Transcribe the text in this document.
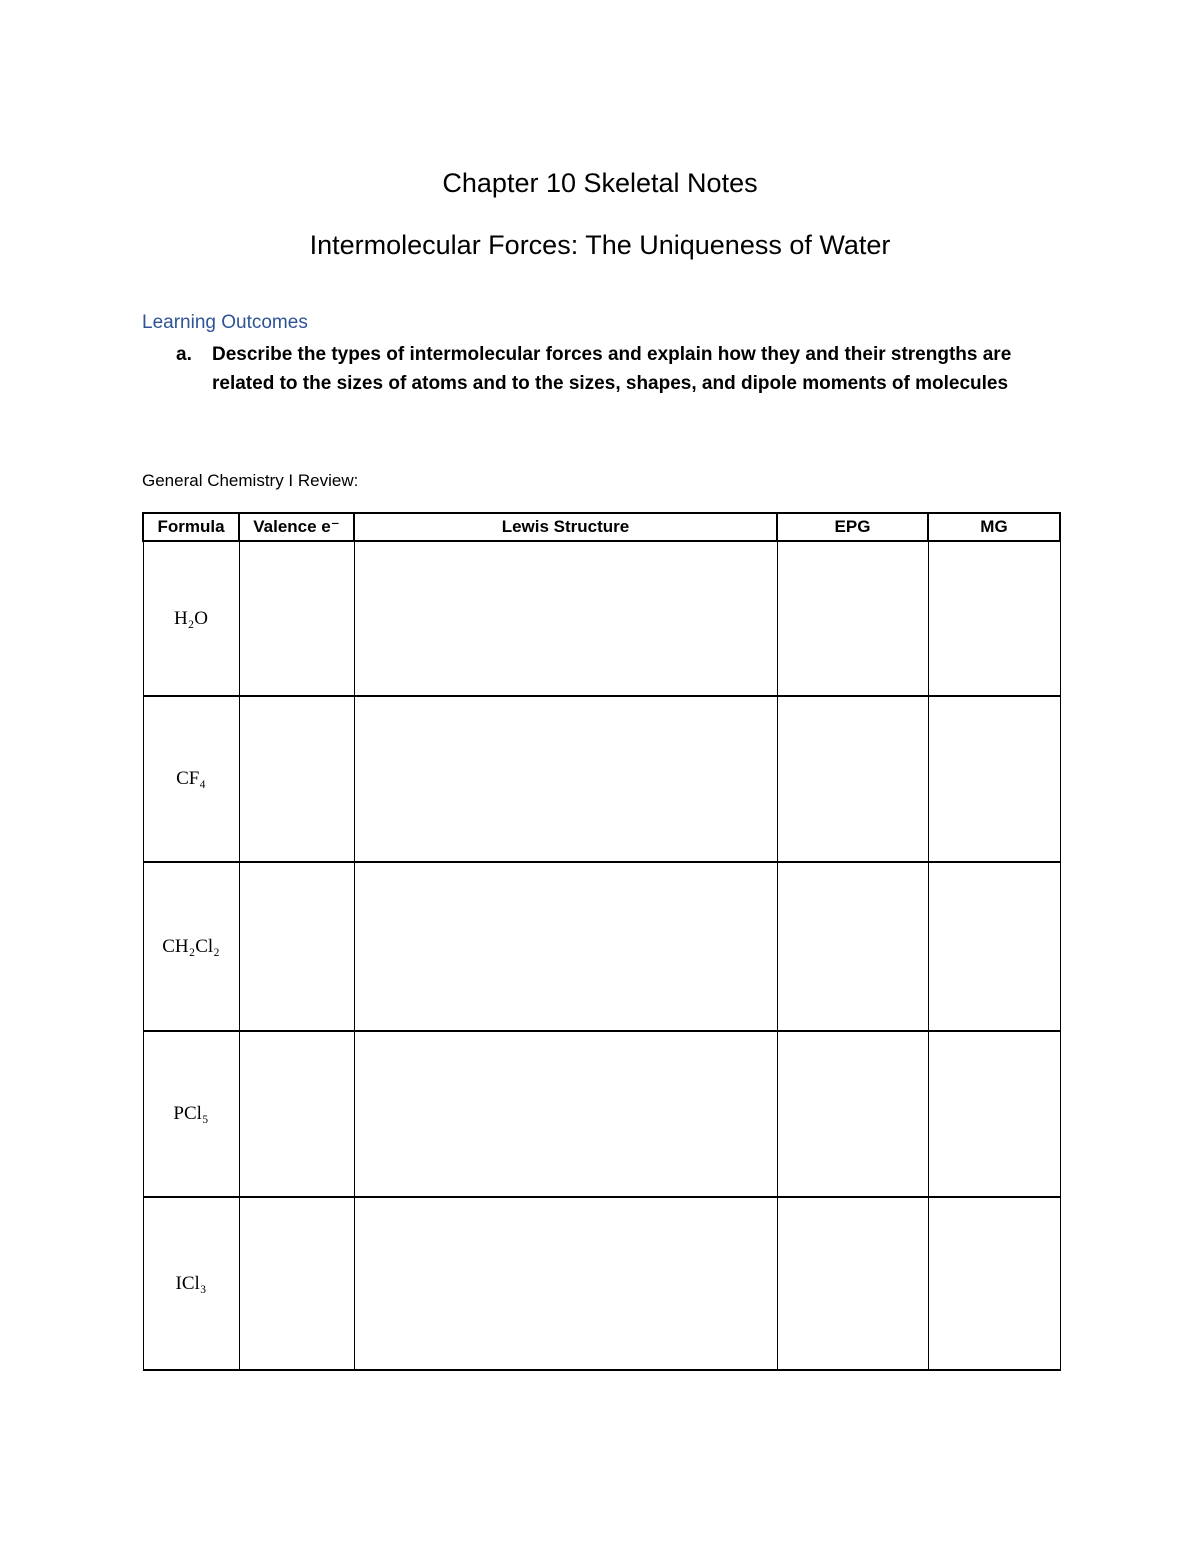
Chapter 10 Skeletal Notes
Intermolecular Forces: The Uniqueness of Water
Learning Outcomes
a.	Describe the types of intermolecular forces and explain how they and their strengths are related to the sizes of atoms and to the sizes, shapes, and dipole moments of molecules
General Chemistry I Review:
Formula	Valence e⁻	Lewis Structure	EPG	MG
H₂O				
CF₄				
CH₂Cl₂				
PCl₅				
ICl₃				
